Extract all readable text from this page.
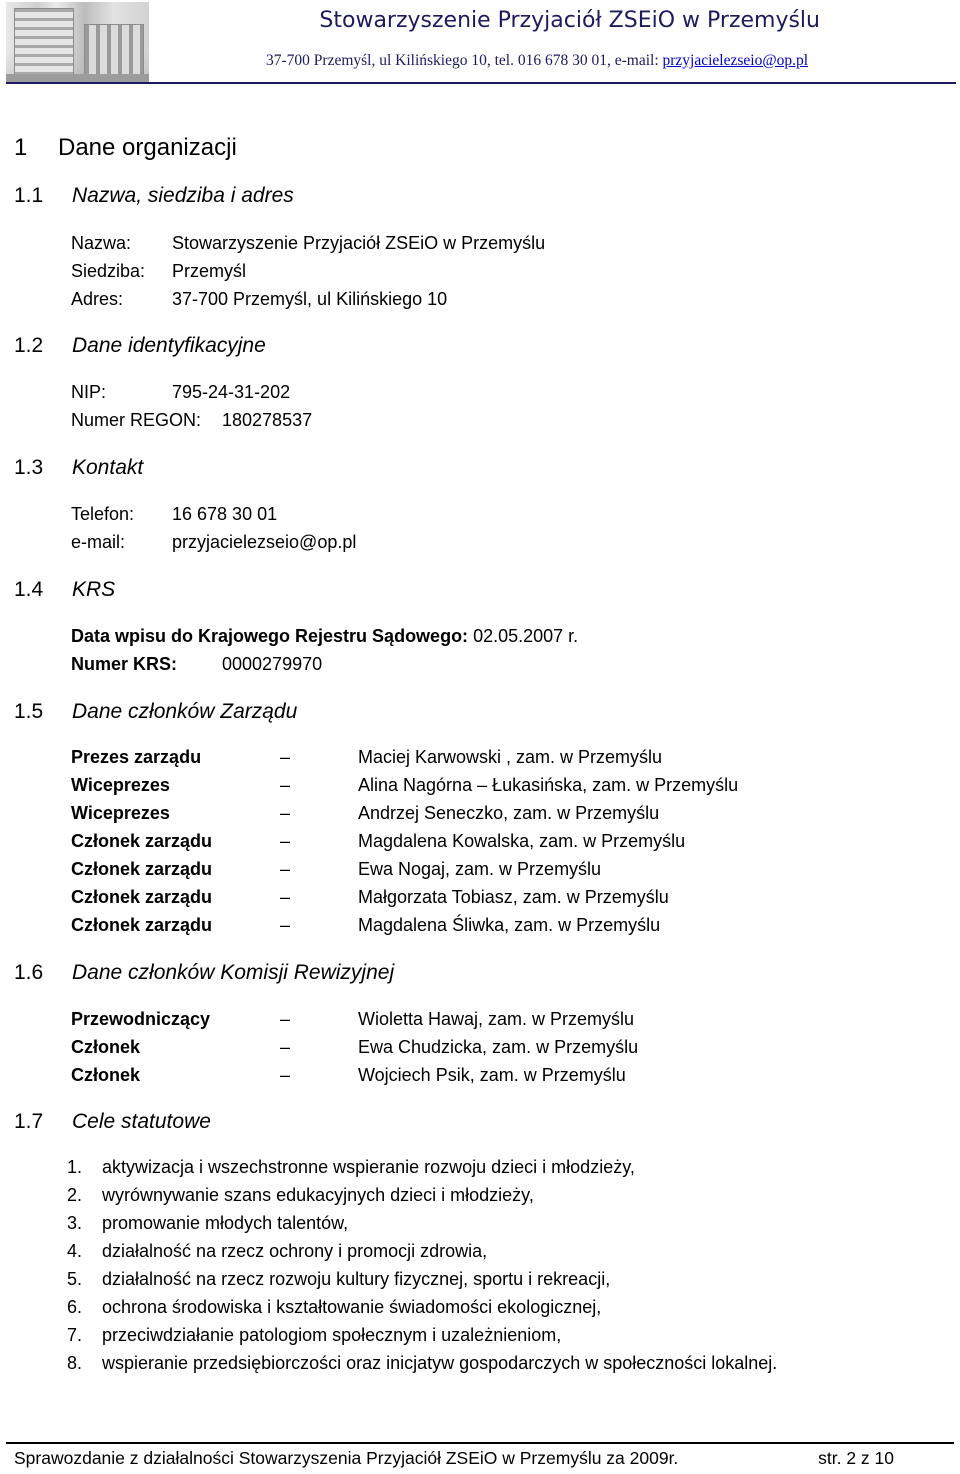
Stowarzyszenie Przyjaciół ZSEiO w Przemyślu
37-700 Przemyśl, ul Kilińskiego 10, tel. 016 678 30 01, e-mail: przyjacielezseio@op.pl
1 Dane organizacji
1.1 Nazwa, siedziba i adres
Nazwa: Stowarzyszenie Przyjaciół ZSEiO w Przemyślu
Siedziba: Przemyśl
Adres:	37-700 Przemyśl, ul Kilińskiego 10
1.2 Dane identyfikacyjne
NIP:	795-24-31-202
Numer REGON: 180278537
1.3 Kontakt
Telefon: 16 678 30 01
e-mail:	przyjacielezseio@op.pl
1.4 KRS
Data wpisu do Krajowego Rejestru Sądowego: 02.05.2007 r.
Numer KRS: 0000279970
1.5 Dane członków Zarządu
Prezes zarządu	–	Maciej Karwowski , zam. w Przemyślu
Wiceprezes	–	Alina Nagórna – Łukasińska, zam. w Przemyślu
Wiceprezes	–	Andrzej Seneczko, zam. w Przemyślu
Członek zarządu	–	Magdalena Kowalska, zam. w Przemyślu
Członek zarządu	–	Ewa Nogaj, zam. w Przemyślu
Członek zarządu	–	Małgorzata Tobiasz, zam. w Przemyślu
Członek zarządu	–	Magdalena Śliwka, zam. w Przemyślu
1.6 Dane członków Komisji Rewizyjnej
Przewodniczący	–	Wioletta Hawaj, zam. w Przemyślu
Członek	–	Ewa Chudzicka, zam. w Przemyślu
Członek	–	Wojciech Psik, zam. w Przemyślu
1.7 Cele statutowe
1. aktywizacja i wszechstronne wspieranie rozwoju dzieci i młodzieży,
2. wyrównywanie szans edukacyjnych dzieci i młodzieży,
3. promowanie młodych talentów,
4. działalność na rzecz ochrony i promocji zdrowia,
5. działalność na rzecz rozwoju kultury fizycznej, sportu i rekreacji,
6. ochrona środowiska i kształtowanie świadomości ekologicznej,
7. przeciwdziałanie patologiom społecznym i uzależnieniom,
8. wspieranie przedsiębiorczości oraz inicjatyw gospodarczych w społeczności lokalnej.
Sprawozdanie z działalności Stowarzyszenia Przyjaciół ZSEiO w Przemyślu za 2009r.	str. 2 z 10
